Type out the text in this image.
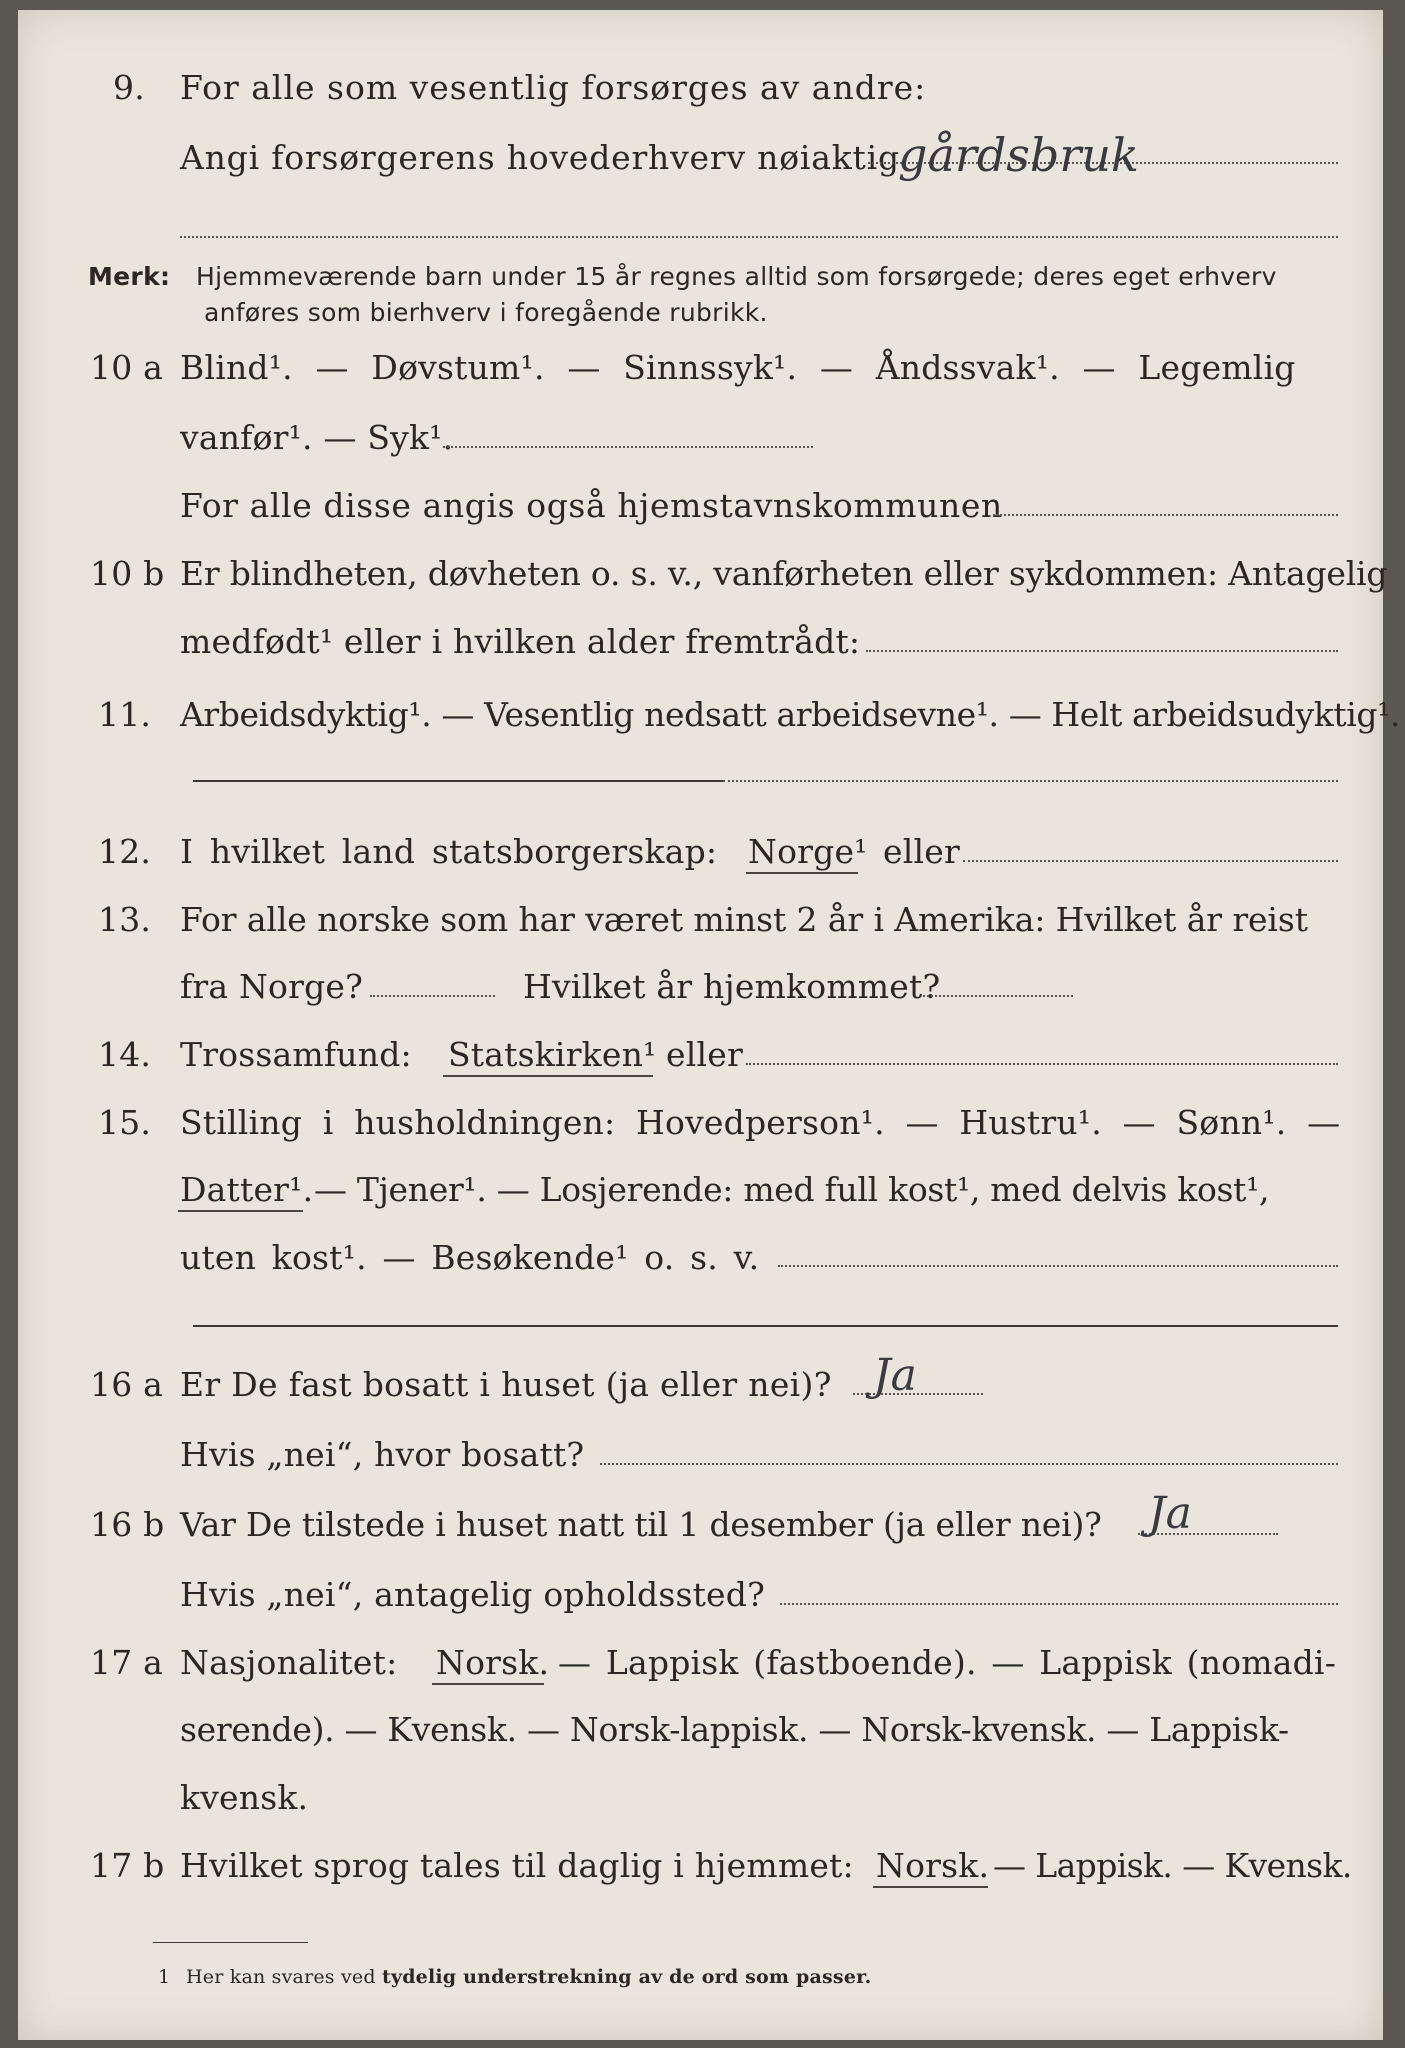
9. For alle som vesentlig forsørges av andre:
Angi forsørgerens hovederhverv nøiaktig
gårdsbruk
Merk: Hjemmeværende barn under 15 år regnes alltid som forsørgede; deres eget erhverv
anføres som bierhverv i foregående rubrikk.
10 a Blind¹. — Døvstum¹. — Sinnssyk¹. — Åndssvak¹. — Legemlig
vanfør¹. — Syk¹.
For alle disse angis også hjemstavnskommunen
10 b Er blindheten, døvheten o. s. v., vanførheten eller sykdommen: Antagelig
medfødt¹ eller i hvilken alder fremtrådt:
11. Arbeidsdyktig¹. — Vesentlig nedsatt arbeidsevne¹. — Helt arbeidsudyktig¹.
12. I hvilket land statsborgerskap: Norge¹ eller
13. For alle norske som har været minst 2 år i Amerika: Hvilket år reist
fra Norge?	Hvilket år hjemkommet?
14. Trossamfund: Statskirken¹ eller
15. Stilling i husholdningen: Hovedperson¹. — Hustru¹. — Sønn¹. —
Datter¹. — Tjener¹. — Losjerende: med full kost¹, med delvis kost¹,
uten kost¹. — Besøkende¹ o. s. v.
16 a Er De fast bosatt i huset (ja eller nei)? Ja
Hvis „nei“, hvor bosatt?
16 b Var De tilstede i huset natt til 1 desember (ja eller nei)? Ja
Hvis „nei“, antagelig opholdssted?
17 a Nasjonalitet: Norsk. — Lappisk (fastboende). — Lappisk (nomadi-
serende). — Kvensk. — Norsk-lappisk. — Norsk-kvensk. — Lappisk-
kvensk.
17 b Hvilket sprog tales til daglig i hjemmet: Norsk. — Lappisk. — Kvensk.
1 Her kan svares ved tydelig understrekning av de ord som passer.
